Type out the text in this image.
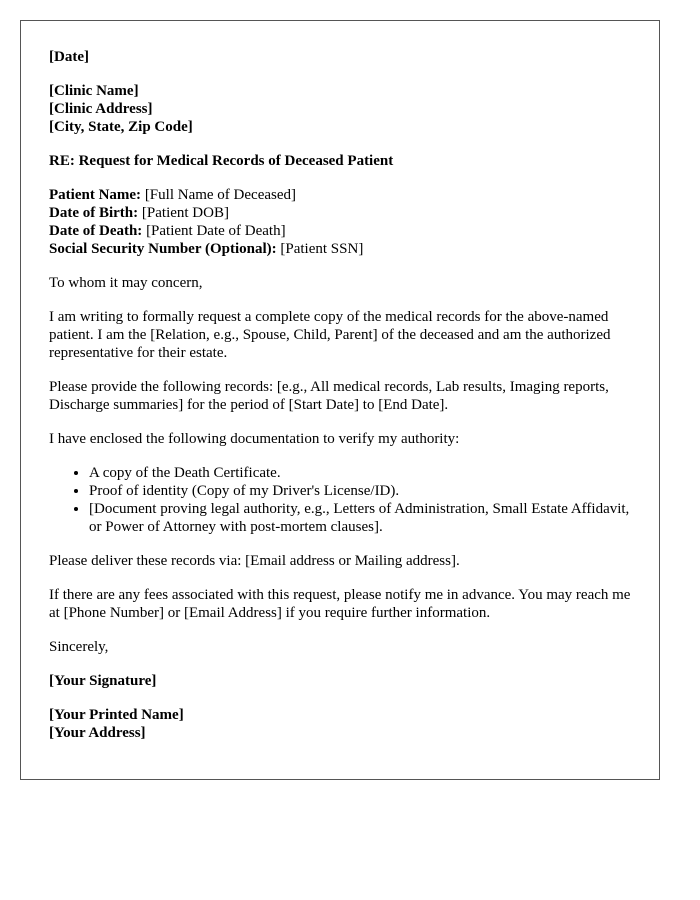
[Date]

[Clinic Name]
[Clinic Address]
[City, State, Zip Code]

RE: Request for Medical Records of Deceased Patient

Patient Name: [Full Name of Deceased]
Date of Birth: [Patient DOB]
Date of Death: [Patient Date of Death]
Social Security Number (Optional): [Patient SSN]

To whom it may concern,

I am writing to formally request a complete copy of the medical records for the above-named patient. I am the [Relation, e.g., Spouse, Child, Parent] of the deceased and am the authorized representative for their estate.

Please provide the following records: [e.g., All medical records, Lab results, Imaging reports, Discharge summaries] for the period of [Start Date] to [End Date].

I have enclosed the following documentation to verify my authority:

• A copy of the Death Certificate.
• Proof of identity (Copy of my Driver's License/ID).
• [Document proving legal authority, e.g., Letters of Administration, Small Estate Affidavit, or Power of Attorney with post-mortem clauses].

Please deliver these records via: [Email address or Mailing address].

If there are any fees associated with this request, please notify me in advance. You may reach me at [Phone Number] or [Email Address] if you require further information.

Sincerely,

[Your Signature]

[Your Printed Name]
[Your Address]
